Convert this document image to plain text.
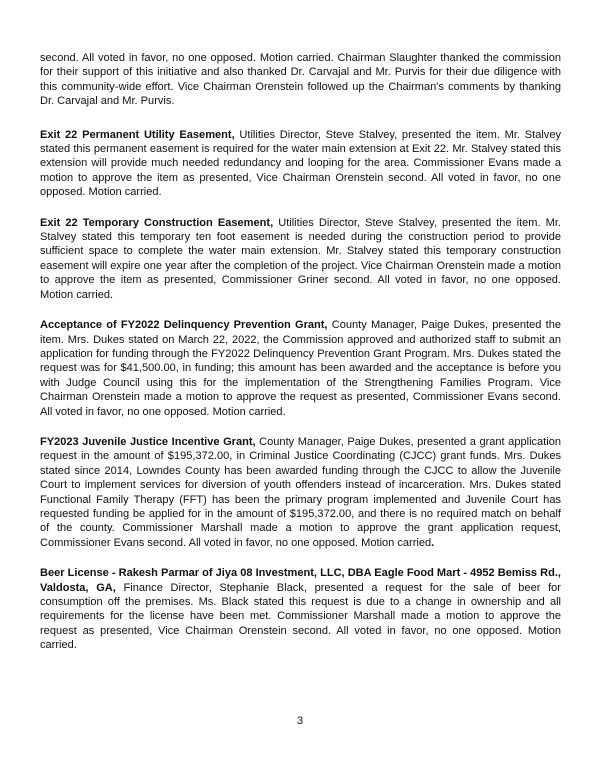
second. All voted in favor, no one opposed. Motion carried. Chairman Slaughter thanked the commission for their support of this initiative and also thanked Dr. Carvajal and Mr. Purvis for their due diligence with this community-wide effort. Vice Chairman Orenstein followed up the Chairman's comments by thanking Dr. Carvajal and Mr. Purvis.

Exit 22 Permanent Utility Easement, Utilities Director, Steve Stalvey, presented the item. Mr. Stalvey stated this permanent easement is required for the water main extension at Exit 22. Mr. Stalvey stated this extension will provide much needed redundancy and looping for the area. Commissioner Evans made a motion to approve the item as presented, Vice Chairman Orenstein second. All voted in favor, no one opposed. Motion carried.

Exit 22 Temporary Construction Easement, Utilities Director, Steve Stalvey, presented the item. Mr. Stalvey stated this temporary ten foot easement is needed during the construction period to provide sufficient space to complete the water main extension. Mr. Stalvey stated this temporary construction easement will expire one year after the completion of the project. Vice Chairman Orenstein made a motion to approve the item as presented, Commissioner Griner second. All voted in favor, no one opposed. Motion carried.

Acceptance of FY2022 Delinquency Prevention Grant, County Manager, Paige Dukes, presented the item. Mrs. Dukes stated on March 22, 2022, the Commission approved and authorized staff to submit an application for funding through the FY2022 Delinquency Prevention Grant Program. Mrs. Dukes stated the request was for $41,500.00, in funding; this amount has been awarded and the acceptance is before you with Judge Council using this for the implementation of the Strengthening Families Program. Vice Chairman Orenstein made a motion to approve the request as presented, Commissioner Evans second. All voted in favor, no one opposed. Motion carried.

FY2023 Juvenile Justice Incentive Grant, County Manager, Paige Dukes, presented a grant application request in the amount of $195,372.00, in Criminal Justice Coordinating (CJCC) grant funds. Mrs. Dukes stated since 2014, Lowndes County has been awarded funding through the CJCC to allow the Juvenile Court to implement services for diversion of youth offenders instead of incarceration. Mrs. Dukes stated Functional Family Therapy (FFT) has been the primary program implemented and Juvenile Court has requested funding be applied for in the amount of $195,372.00, and there is no required match on behalf of the county. Commissioner Marshall made a motion to approve the grant application request, Commissioner Evans second. All voted in favor, no one opposed. Motion carried.

Beer License - Rakesh Parmar of Jiya 08 Investment, LLC, DBA Eagle Food Mart - 4952 Bemiss Rd., Valdosta, GA, Finance Director, Stephanie Black, presented a request for the sale of beer for consumption off the premises. Ms. Black stated this request is due to a change in ownership and all requirements for the license have been met. Commissioner Marshall made a motion to approve the request as presented, Vice Chairman Orenstein second. All voted in favor, no one opposed. Motion carried.

3
